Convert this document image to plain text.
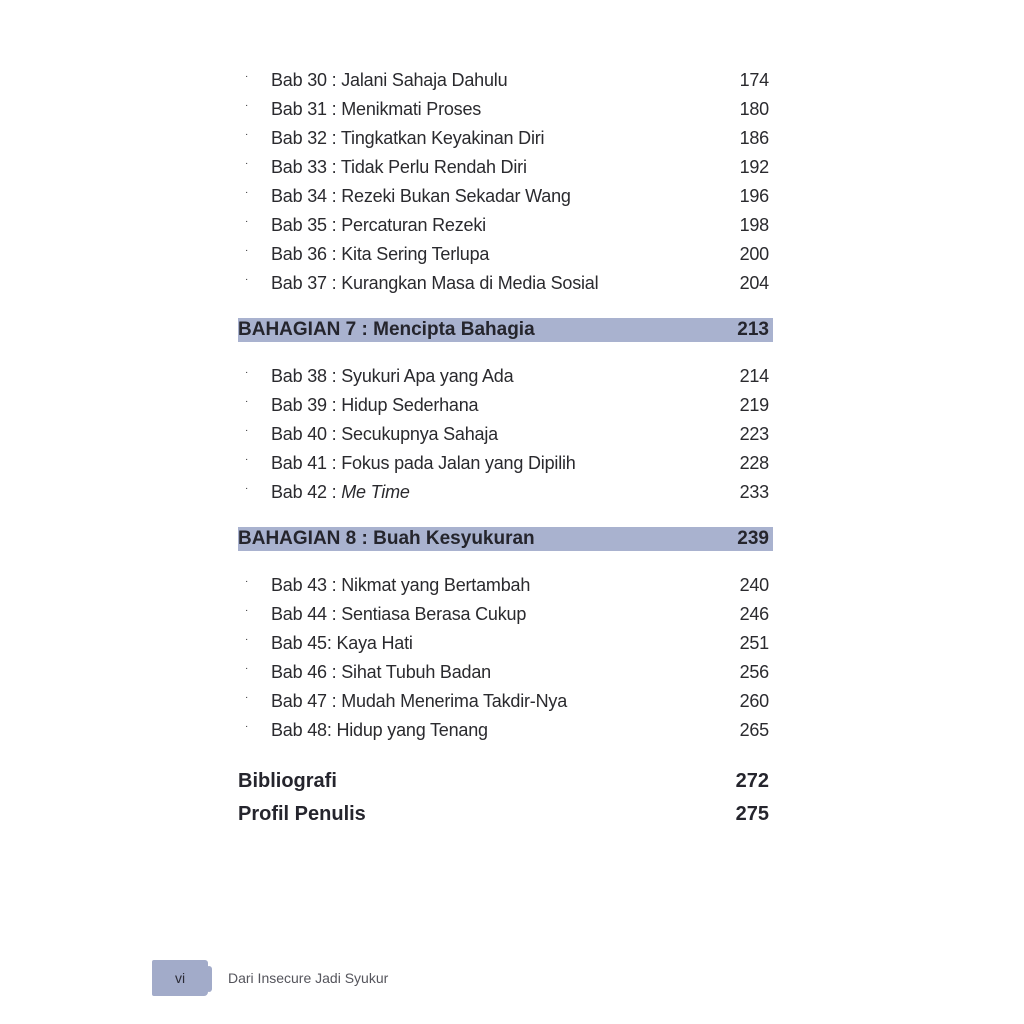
·	Bab 30 : Jalani Sahaja Dahulu	174
·	Bab 31 : Menikmati Proses	180
·	Bab 32 : Tingkatkan Keyakinan Diri	186
·	Bab 33 : Tidak Perlu Rendah Diri	192
·	Bab 34 : Rezeki Bukan Sekadar Wang	196
·	Bab 35 : Percaturan Rezeki	198
·	Bab 36 : Kita Sering Terlupa	200
·	Bab 37 : Kurangkan Masa di Media Sosial	204
BAHAGIAN 7 : Mencipta Bahagia	213
·	Bab 38 : Syukuri Apa yang Ada	214
·	Bab 39 : Hidup Sederhana	219
·	Bab 40 : Secukupnya Sahaja	223
·	Bab 41 : Fokus pada Jalan yang Dipilih	228
·	Bab 42 : Me Time	233
BAHAGIAN 8 : Buah Kesyukuran	239
·	Bab 43 : Nikmat yang Bertambah	240
·	Bab 44 : Sentiasa Berasa Cukup	246
·	Bab 45: Kaya Hati	251
·	Bab 46 : Sihat Tubuh Badan	256
·	Bab 47 : Mudah Menerima Takdir-Nya	260
·	Bab 48: Hidup yang Tenang	265
Bibliografi	272
Profil Penulis	275
vi	Dari Insecure Jadi Syukur
